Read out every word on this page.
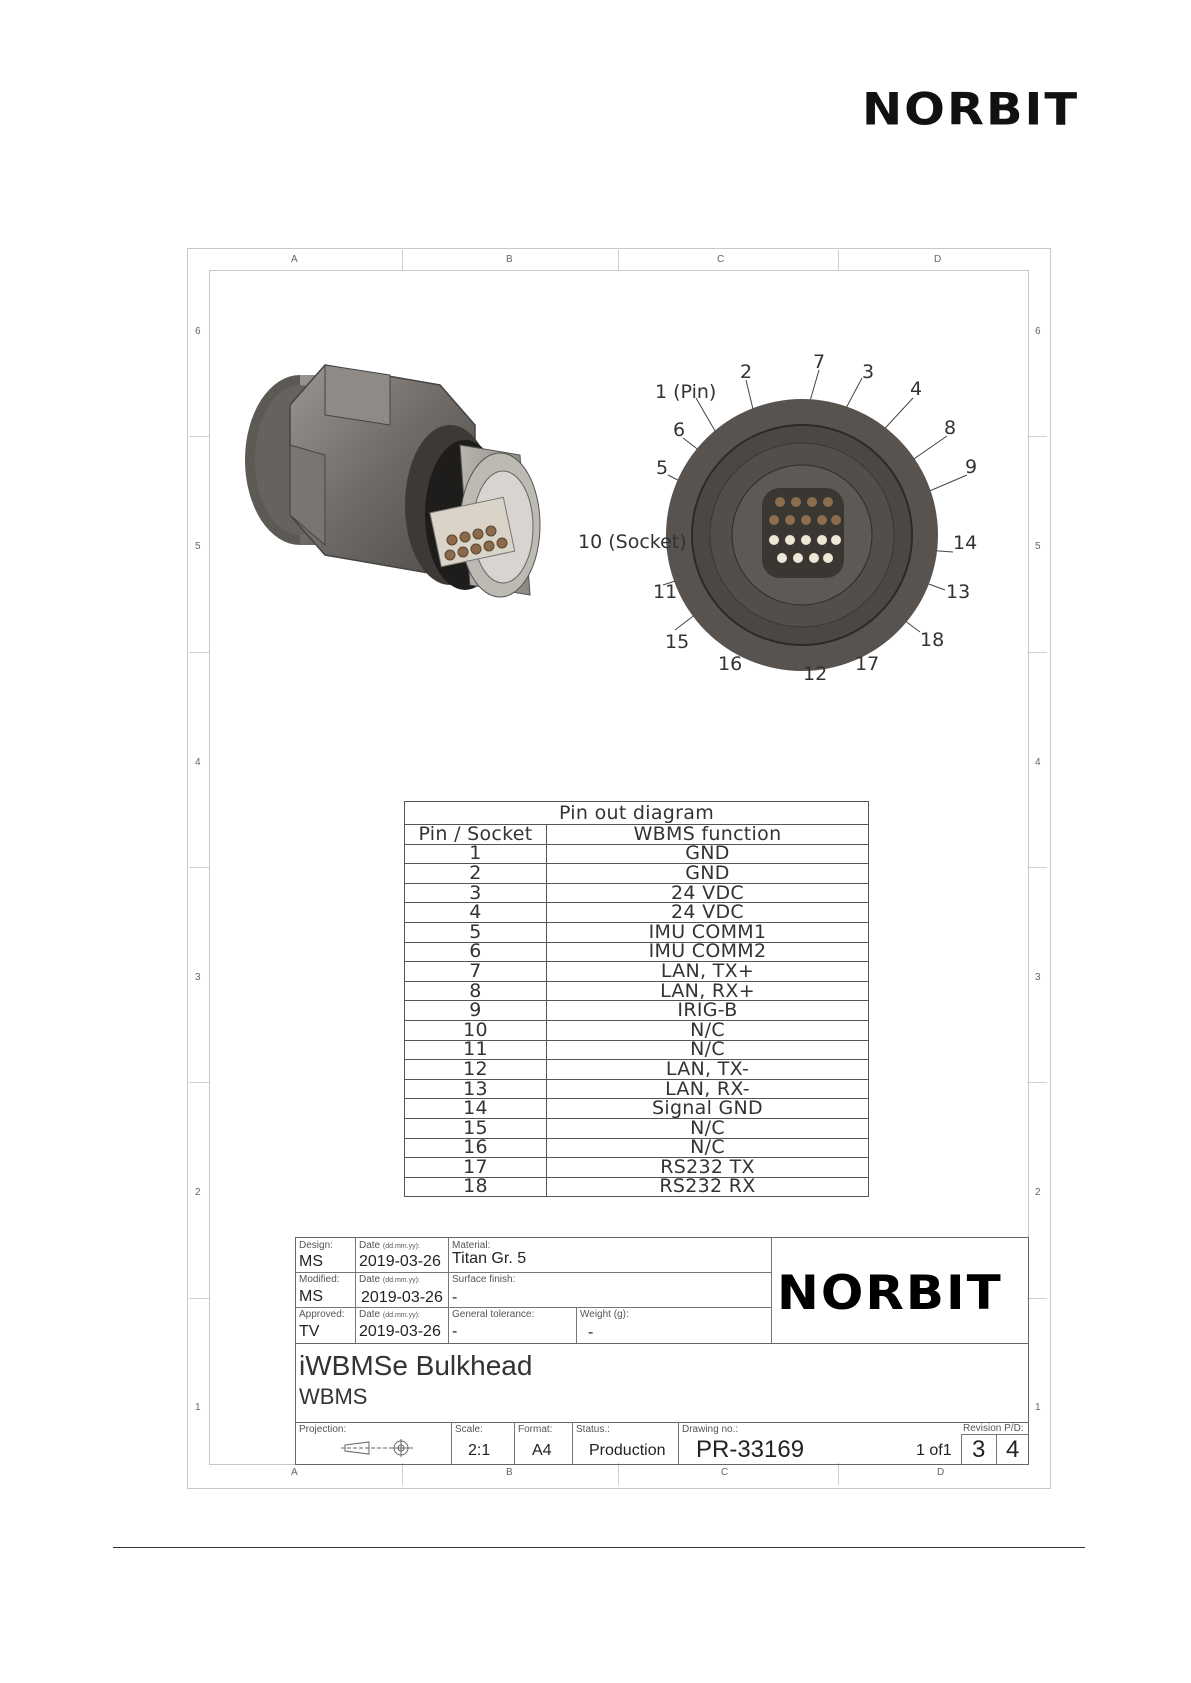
NORBIT
A	B	C	D
A	B	C	D
6
5
4
3
2
1
6
5
4
3
2
1
1 (Pin)
2	7 3
4
6	8
5	9
10 (Socket)	14
11	13
15	18
16	12 17
Pin out diagram	
Pin / Socket	WBMS function
1	GND
2	GND
3	24 VDC
4	24 VDC
5	IMU COMM1
6	IMU COMM2
7	LAN, TX+
8	LAN, RX+
9	IRIG-B
10	N/C
11	N/C
12	LAN, TX-
13	LAN, RX-
14	Signal GND
15	N/C
16	N/C
17	RS232 TX
18	RS232 RX
Design:
MS
Date (dd.mm.yy):
2019-03-26
Material:
Titan Gr. 5
Modified:
MS
Date (dd.mm.yy):
2019-03-26
Surface finish:
-
Approved:
TV
Date (dd.mm.yy):
2019-03-26
General tolerance:
-
Weight (g):
-
NORBIT
iWBMSe Bulkhead
WBMS
Projection:	Scale:
2:1
Format:
A4
Status.:
Production
Drawing no.:
PR-33169	1 of1
Revision P/D:
3 4
